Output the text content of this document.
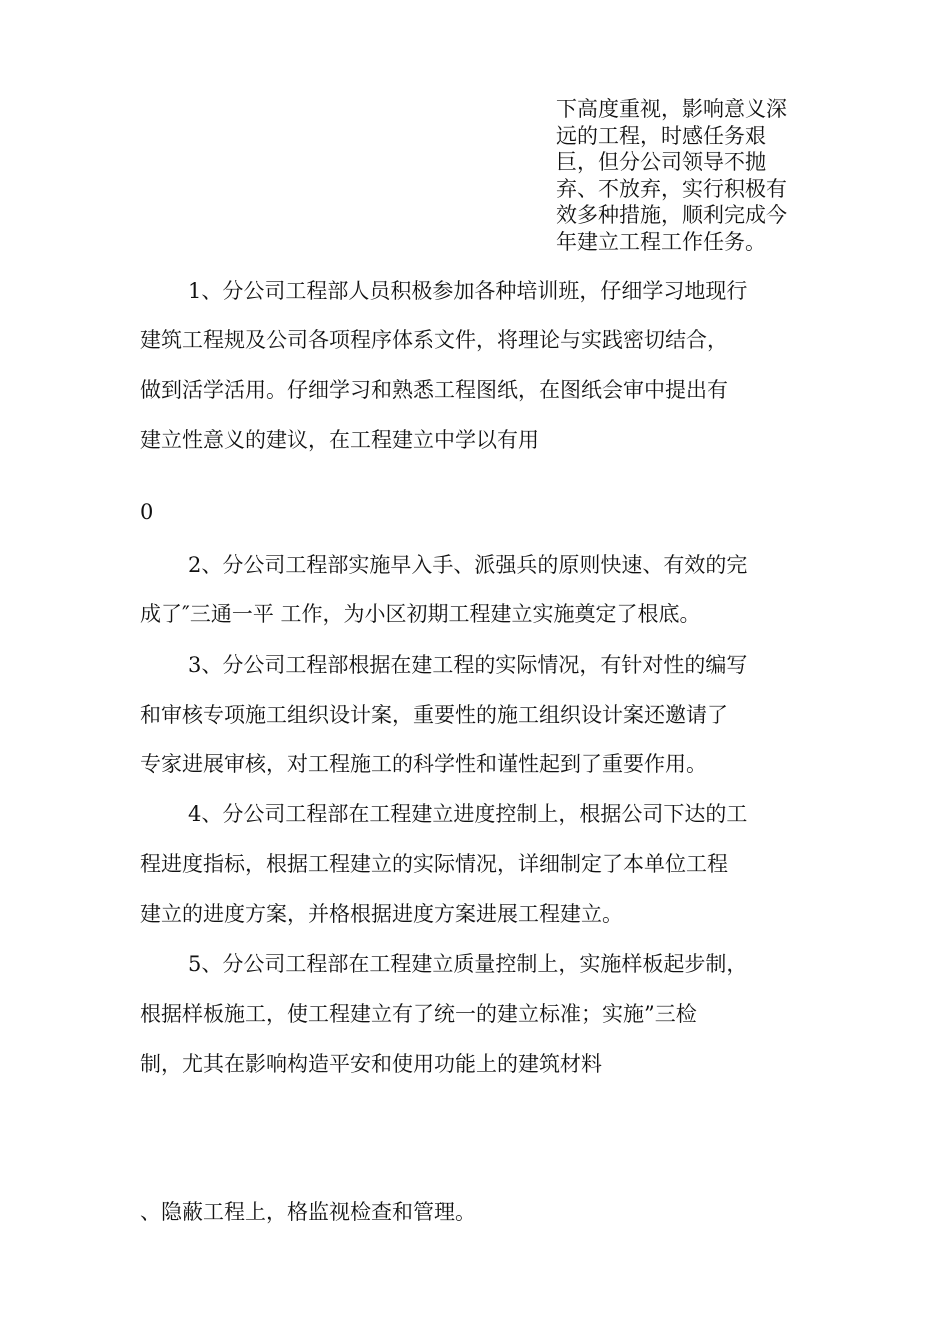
下高度重视，影响意义深
远的工程，时感任务艰
巨，但分公司领导不抛
弃、不放弃，实行积极有
效多种措施，顺利完成今
年建立工程工作任务。
1、分公司工程部人员积极参加各种培训班，仔细学习地现行
建筑工程规及公司各项程序体系文件，将理论与实践密切结合，
做到活学活用。仔细学习和熟悉工程图纸，在图纸会审中提出有
建立性意义的建议，在工程建立中学以有用
0
2、分公司工程部实施早入手、派强兵的原则快速、有效的完
成了″三通一平 工作，为小区初期工程建立实施奠定了根底。
3、分公司工程部根据在建工程的实际情况，有针对性的编写
和审核专项施工组织设计案，重要性的施工组织设计案还邀请了
专家进展审核，对工程施工的科学性和谨性起到了重要作用。
4、分公司工程部在工程建立进度控制上，根据公司下达的工
程进度指标，根据工程建立的实际情况，详细制定了本单位工程
建立的进度方案，并格根据进度方案进展工程建立。
5、分公司工程部在工程建立质量控制上，实施样板起步制，
根据样板施工，使工程建立有了统一的建立标准；实施”三检
制，尤其在影响构造平安和使用功能上的建筑材料
、隐蔽工程上，格监视检查和管理。
